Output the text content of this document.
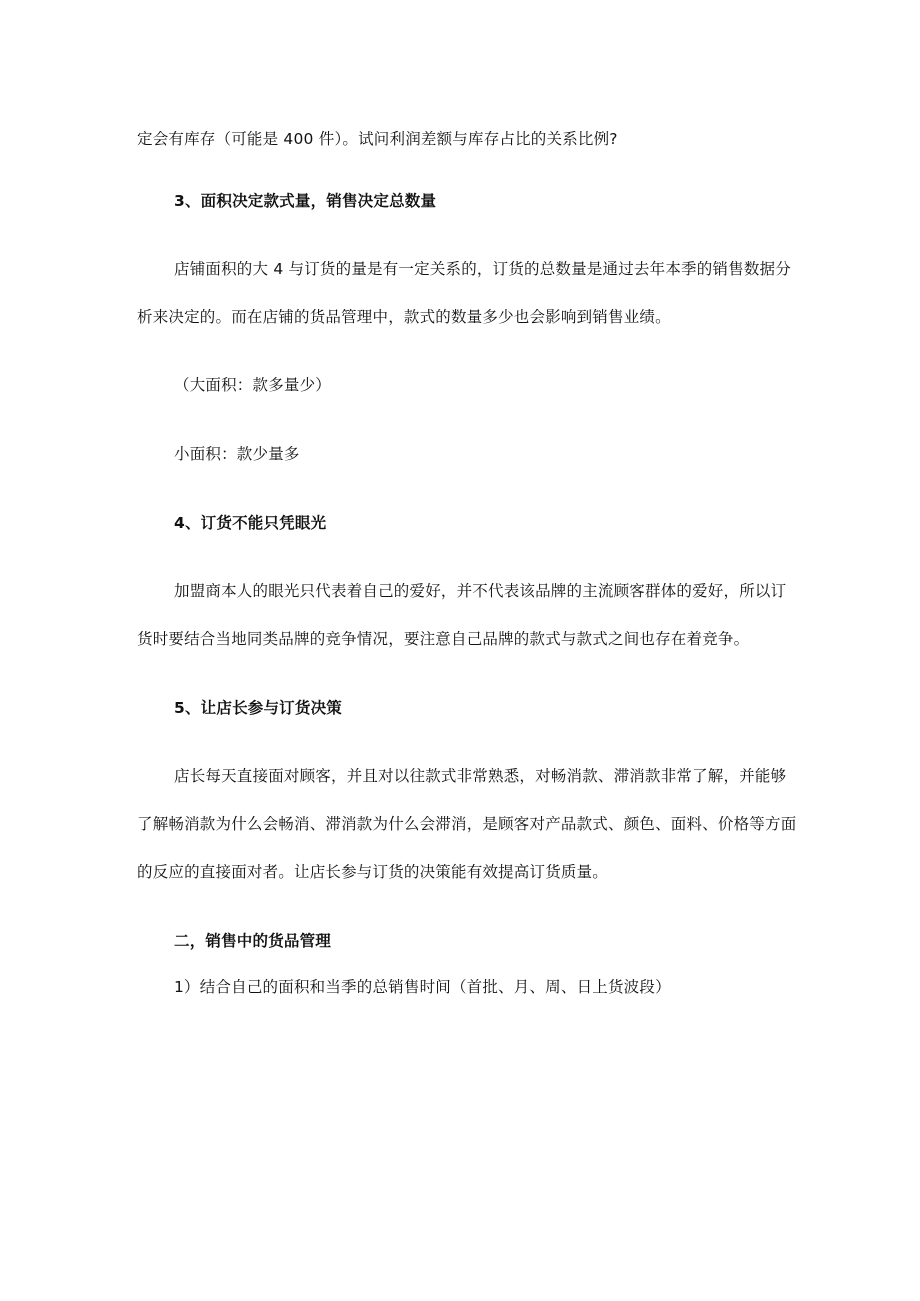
定会有库存（可能是 400 件）。试问利润差额与库存占比的关系比例?
3、面积决定款式量，销售决定总数量
店铺面积的大 4 与订货的量是有一定关系的，订货的总数量是通过去年本季的销售数据分
析来决定的。而在店铺的货品管理中，款式的数量多少也会影响到销售业绩。
（大面积：款多量少）
小面积：款少量多
4、订货不能只凭眼光
加盟商本人的眼光只代表着自己的爱好，并不代表该品牌的主流顾客群体的爱好，所以订
货时要结合当地同类品牌的竞争情况，要注意自己品牌的款式与款式之间也存在着竞争。
5、让店长参与订货决策
店长每天直接面对顾客，并且对以往款式非常熟悉，对畅消款、滞消款非常了解，并能够
了解畅消款为什么会畅消、滞消款为什么会滞消，是顾客对产品款式、颜色、面料、价格等方面
的反应的直接面对者。让店长参与订货的决策能有效提高订货质量。
二，销售中的货品管理
1）结合自己的面积和当季的总销售时间（首批、月、周、日上货波段）
